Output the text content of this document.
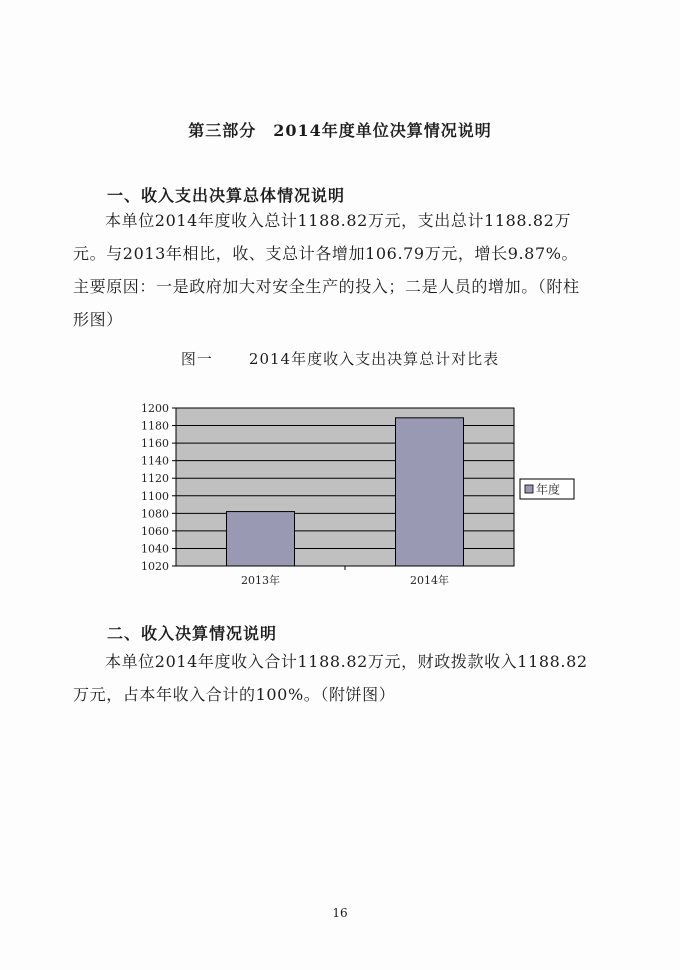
第三部分　2014年度单位决算情况说明
一、收入支出决算总体情况说明

本单位2014年度收入总计1188.82万元，支出总计1188.82万元。与2013年相比，收、支总计各增加106.79万元，增长9.87%。主要原因：一是政府加大对安全生产的投入；二是人员的增加。（附柱形图）

图一 2014年度收入支出决算总计对比表
1020
1040
1060
1080
1100
1120
1140
1160
1180
1200
2013年	2014年
年度
二、收入决算情况说明

本单位2014年度收入合计1188.82万元，财政拨款收入1188.82万元，占本年收入合计的100%。（附饼图）

16
